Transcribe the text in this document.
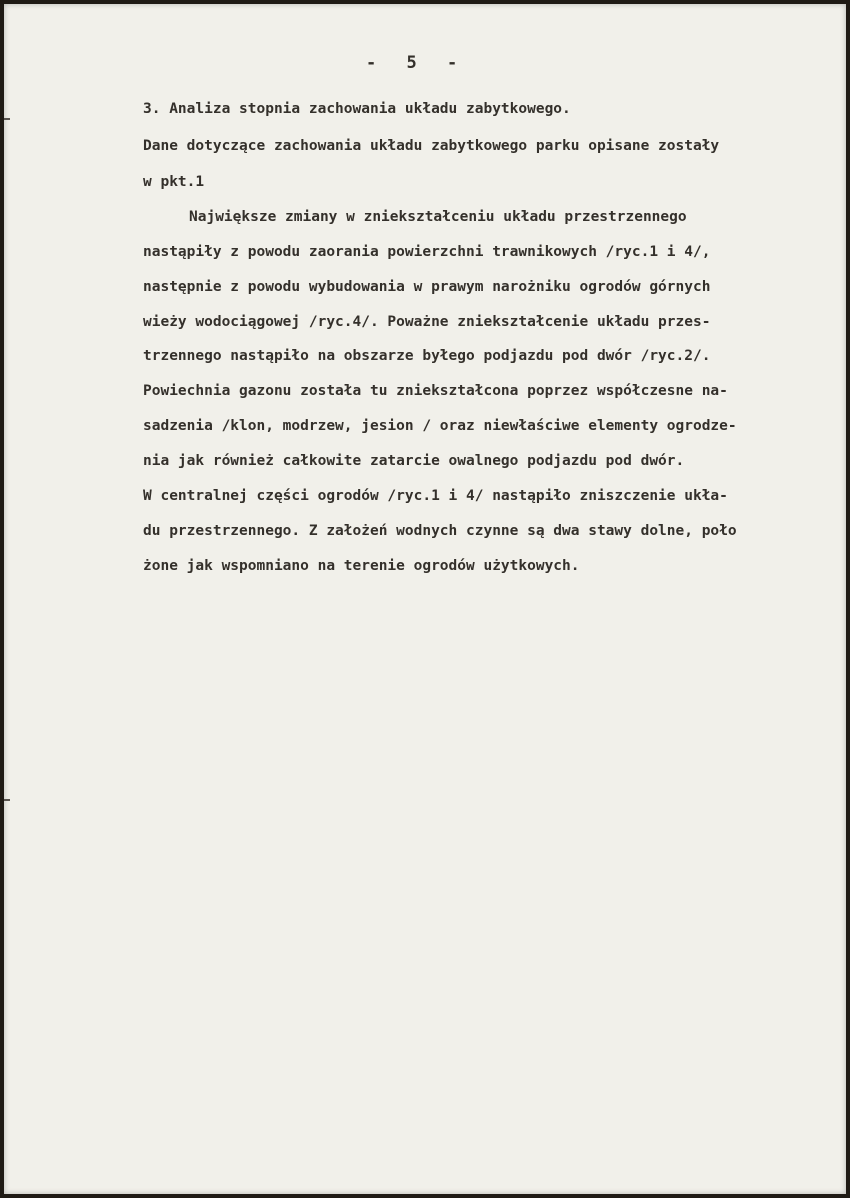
- 5 -

3. Analiza stopnia zachowania układu zabytkowego.

Dane dotyczące zachowania układu zabytkowego parku opisane zostały

w pkt.1

Największe zmiany w zniekształceniu układu przestrzennego

nastąpiły z powodu zaorania powierzchni trawnikowych /ryc.1 i 4/,

następnie z powodu wybudowania w prawym narożniku ogrodów górnych

wieży wodociągowej /ryc.4/. Poważne zniekształcenie układu przes-

trzennego nastąpiło na obszarze byłego podjazdu pod dwór /ryc.2/.

Powiechnia gazonu została tu zniekształcona poprzez współczesne na-

sadzenia /klon, modrzew, jesion / oraz niewłaściwe elementy ogrodze-

nia jak również całkowite zatarcie owalnego podjazdu pod dwór.

W centralnej części ogrodów /ryc.1 i 4/ nastąpiło zniszczenie ukła-

du przestrzennego. Z założeń wodnych czynne są dwa stawy dolne, poło

żone jak wspomniano na terenie ogrodów użytkowych.
